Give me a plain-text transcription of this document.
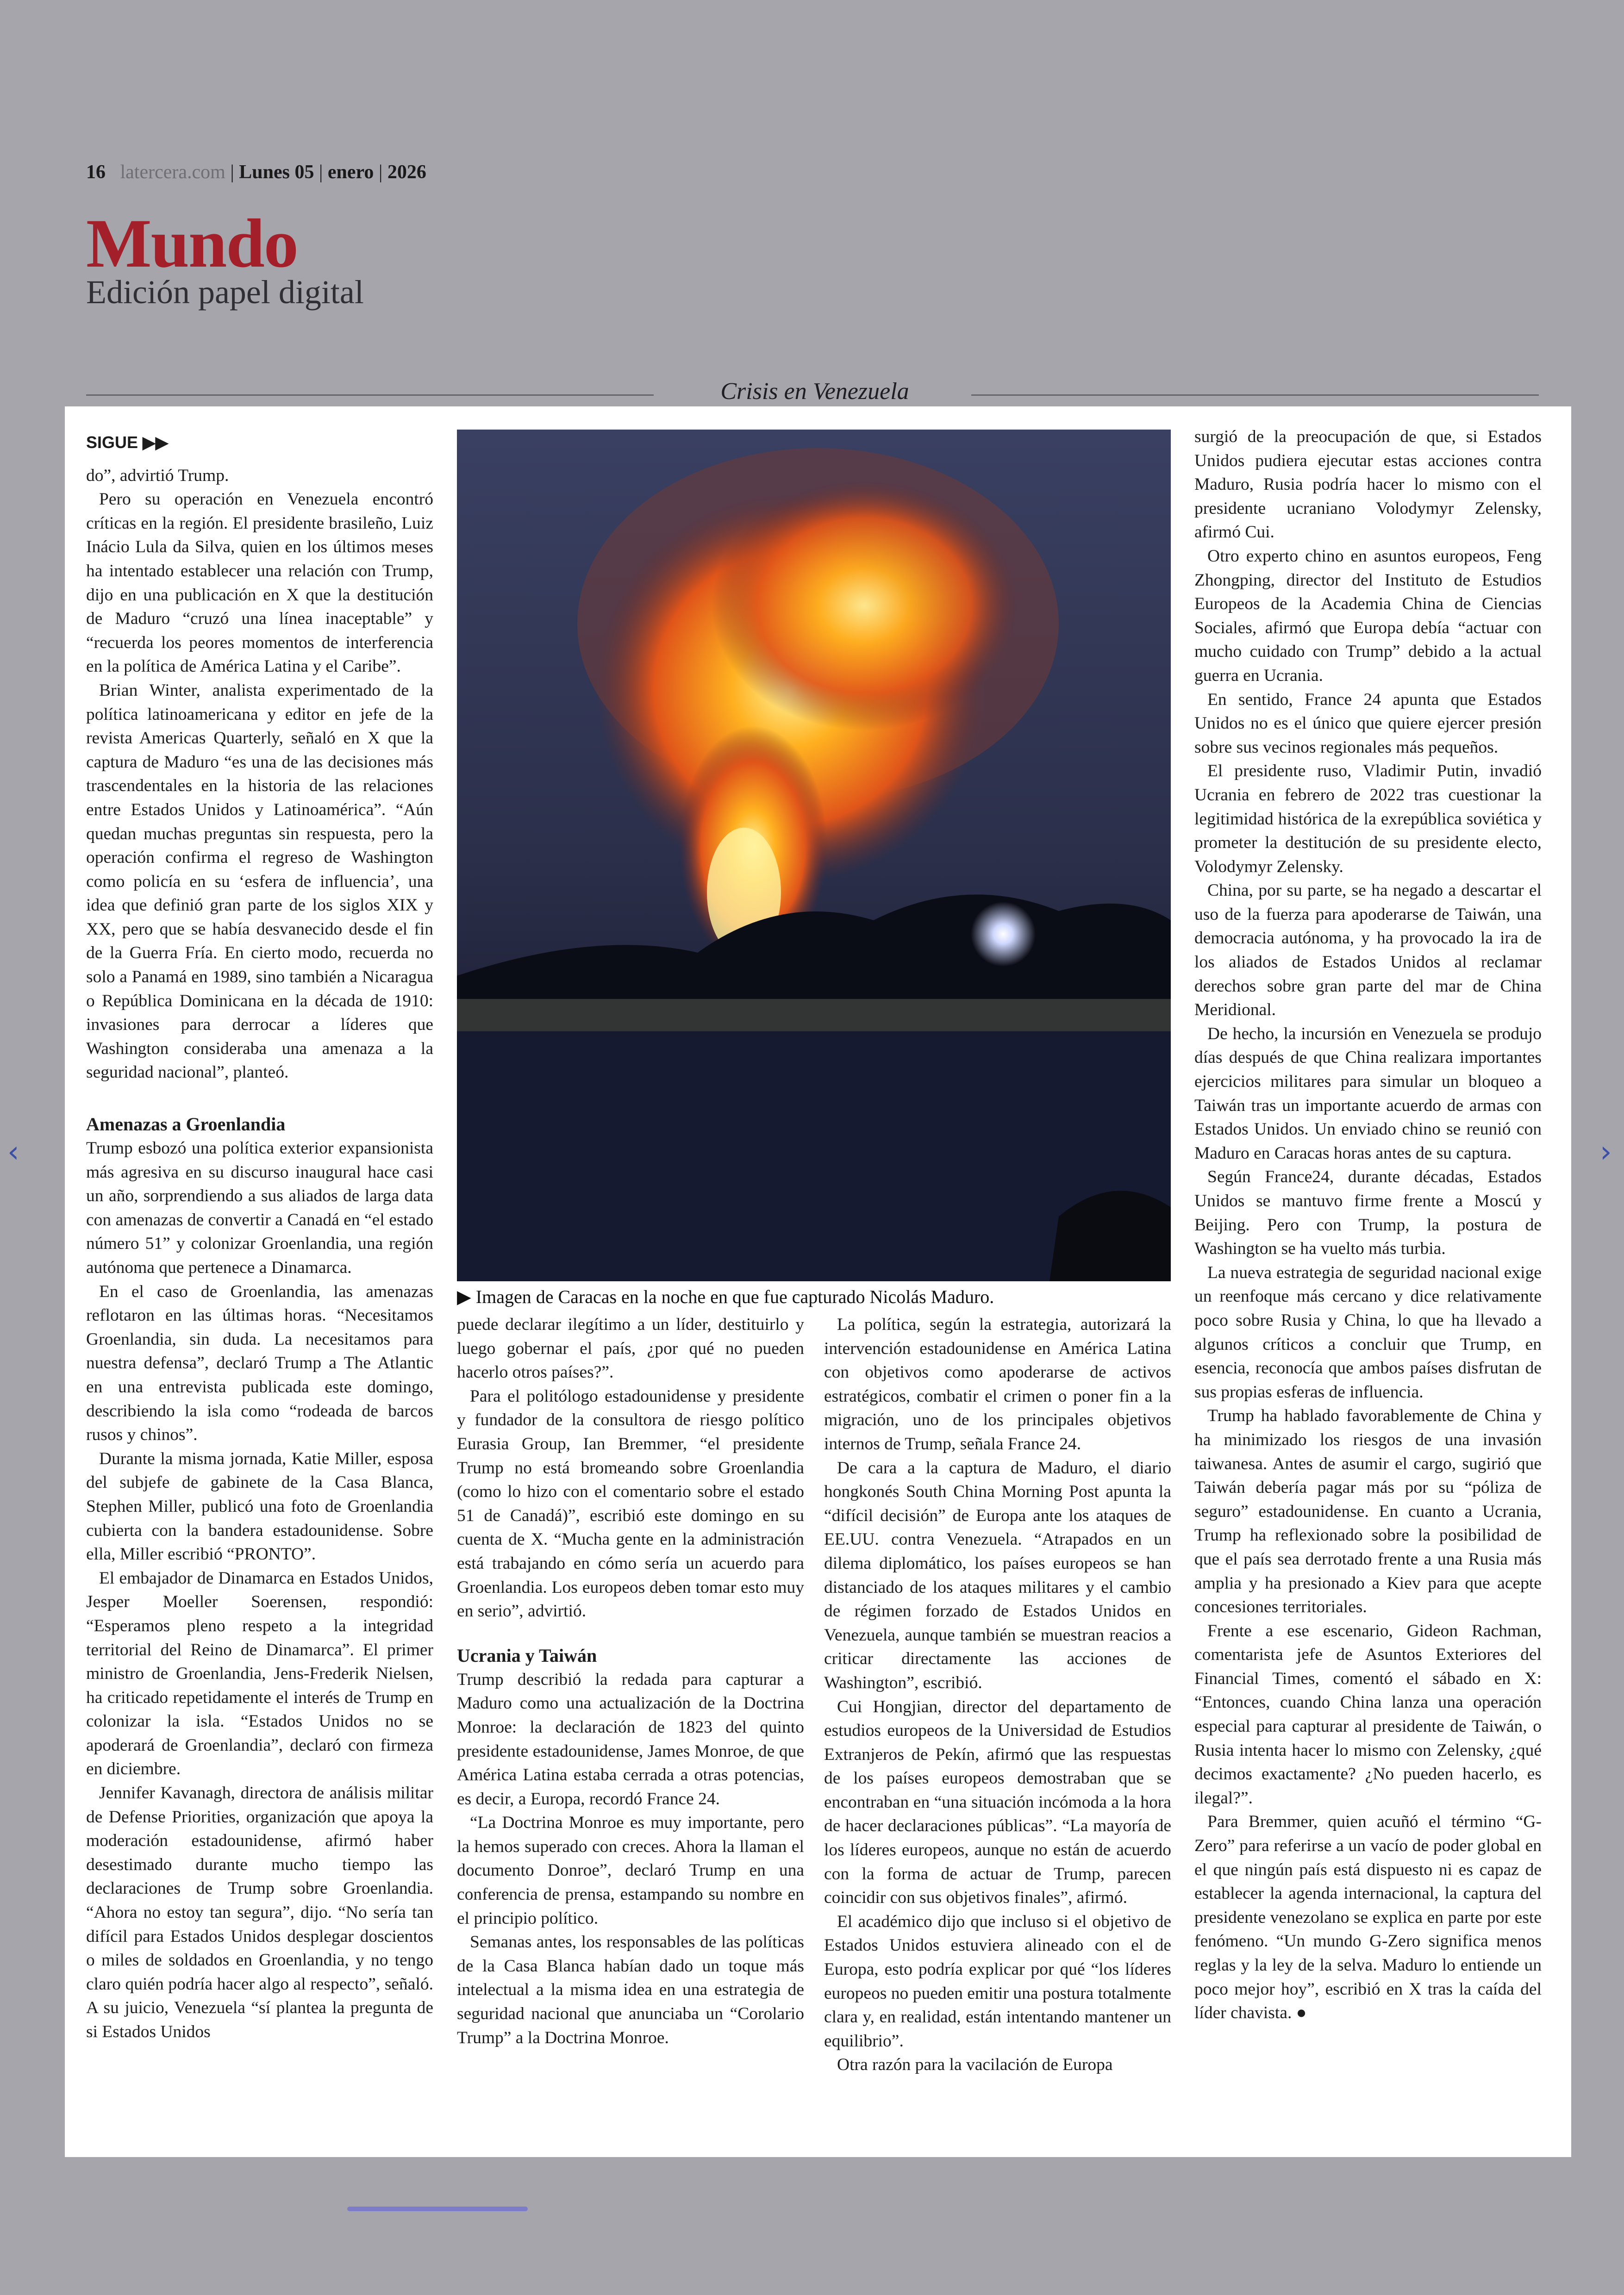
16 latercera.com | Lunes 05 | enero | 2026
Mundo
Edición papel digital
Crisis en Venezuela
SIGUE ▶▶

do”, advirtió Trump.

Pero su operación en Venezuela encontró críticas en la región. El presidente brasileño, Luiz Inácio Lula da Silva, quien en los últimos meses ha intentado establecer una relación con Trump, dijo en una publicación en X que la destitución de Maduro “cruzó una línea inaceptable” y “recuerda los peores momentos de interferencia en la política de América Latina y el Caribe”.

Brian Winter, analista experimentado de la política latinoamericana y editor en jefe de la revista Americas Quarterly, señaló en X que la captura de Maduro “es una de las decisiones más trascendentales en la historia de las relaciones entre Estados Unidos y Latinoamérica”. “Aún quedan muchas preguntas sin respuesta, pero la operación confirma el regreso de Washington como policía en su ‘esfera de influencia’, una idea que definió gran parte de los siglos XIX y XX, pero que se había desvanecido desde el fin de la Guerra Fría. En cierto modo, recuerda no solo a Panamá en 1989, sino también a Nicaragua o República Dominicana en la década de 1910: invasiones para derrocar a líderes que Washington consideraba una amenaza a la seguridad nacional”, planteó.

Amenazas a Groenlandia

Trump esbozó una política exterior expansionista más agresiva en su discurso inaugural hace casi un año, sorprendiendo a sus aliados de larga data con amenazas de convertir a Canadá en “el estado número 51” y colonizar Groenlandia, una región autónoma que pertenece a Dinamarca.

En el caso de Groenlandia, las amenazas reflotaron en las últimas horas. “Necesitamos Groenlandia, sin duda. La necesitamos para nuestra defensa”, declaró Trump a The Atlantic en una entrevista publicada este domingo, describiendo la isla como “rodeada de barcos rusos y chinos”.

Durante la misma jornada, Katie Miller, esposa del subjefe de gabinete de la Casa Blanca, Stephen Miller, publicó una foto de Groenlandia cubierta con la bandera estadounidense. Sobre ella, Miller escribió “PRONTO”.

El embajador de Dinamarca en Estados Unidos, Jesper Moeller Soerensen, respondió: “Esperamos pleno respeto a la integridad territorial del Reino de Dinamarca”. El primer ministro de Groenlandia, Jens-Frederik Nielsen, ha criticado repetidamente el interés de Trump en colonizar la isla. “Estados Unidos no se apoderará de Groenlandia”, declaró con firmeza en diciembre.

Jennifer Kavanagh, directora de análisis militar de Defense Priorities, organización que apoya la moderación estadounidense, afirmó haber desestimado durante mucho tiempo las declaraciones de Trump sobre Groenlandia. “Ahora no estoy tan segura”, dijo. “No sería tan difícil para Estados Unidos desplegar doscientos o miles de soldados en Groenlandia, y no tengo claro quién podría hacer algo al respecto”, señaló. A su juicio, Venezuela “sí plantea la pregunta de si Estados Unidos

▶ Imagen de Caracas en la noche en que fue capturado Nicolás Maduro.

puede declarar ilegítimo a un líder, destituirlo y luego gobernar el país, ¿por qué no pueden hacerlo otros países?”.

Para el politólogo estadounidense y presidente y fundador de la consultora de riesgo político Eurasia Group, Ian Bremmer, “el presidente Trump no está bromeando sobre Groenlandia (como lo hizo con el comentario sobre el estado 51 de Canadá)”, escribió este domingo en su cuenta de X. “Mucha gente en la administración está trabajando en cómo sería un acuerdo para Groenlandia. Los europeos deben tomar esto muy en serio”, advirtió.

Ucrania y Taiwán

Trump describió la redada para capturar a Maduro como una actualización de la Doctrina Monroe: la declaración de 1823 del quinto presidente estadounidense, James Monroe, de que América Latina estaba cerrada a otras potencias, es decir, a Europa, recordó France 24.

“La Doctrina Monroe es muy importante, pero la hemos superado con creces. Ahora la llaman el documento Donroe”, declaró Trump en una conferencia de prensa, estampando su nombre en el principio político.

Semanas antes, los responsables de las políticas de la Casa Blanca habían dado un toque más intelectual a la misma idea en una estrategia de seguridad nacional que anunciaba un “Corolario Trump” a la Doctrina Monroe.

La política, según la estrategia, autorizará la intervención estadounidense en América Latina con objetivos como apoderarse de activos estratégicos, combatir el crimen o poner fin a la migración, uno de los principales objetivos internos de Trump, señala France 24.

De cara a la captura de Maduro, el diario hongkonés South China Morning Post apunta la “difícil decisión” de Europa ante los ataques de EE.UU. contra Venezuela. “Atrapados en un dilema diplomático, los países europeos se han distanciado de los ataques militares y el cambio de régimen forzado de Estados Unidos en Venezuela, aunque también se muestran reacios a criticar directamente las acciones de Washington”, escribió.

Cui Hongjian, director del departamento de estudios europeos de la Universidad de Estudios Extranjeros de Pekín, afirmó que las respuestas de los países europeos demostraban que se encontraban en “una situación incómoda a la hora de hacer declaraciones públicas”. “La mayoría de los líderes europeos, aunque no están de acuerdo con la forma de actuar de Trump, parecen coincidir con sus objetivos finales”, afirmó.

El académico dijo que incluso si el objetivo de Estados Unidos estuviera alineado con el de Europa, esto podría explicar por qué “los líderes europeos no pueden emitir una postura totalmente clara y, en realidad, están intentando mantener un equilibrio”.

Otra razón para la vacilación de Europa

surgió de la preocupación de que, si Estados Unidos pudiera ejecutar estas acciones contra Maduro, Rusia podría hacer lo mismo con el presidente ucraniano Volodymyr Zelensky, afirmó Cui.

Otro experto chino en asuntos europeos, Feng Zhongping, director del Instituto de Estudios Europeos de la Academia China de Ciencias Sociales, afirmó que Europa debía “actuar con mucho cuidado con Trump” debido a la actual guerra en Ucrania.

En sentido, France 24 apunta que Estados Unidos no es el único que quiere ejercer presión sobre sus vecinos regionales más pequeños.

El presidente ruso, Vladimir Putin, invadió Ucrania en febrero de 2022 tras cuestionar la legitimidad histórica de la exrepública soviética y prometer la destitución de su presidente electo, Volodymyr Zelensky.

China, por su parte, se ha negado a descartar el uso de la fuerza para apoderarse de Taiwán, una democracia autónoma, y ha provocado la ira de los aliados de Estados Unidos al reclamar derechos sobre gran parte del mar de China Meridional.

De hecho, la incursión en Venezuela se produjo días después de que China realizara importantes ejercicios militares para simular un bloqueo a Taiwán tras un importante acuerdo de armas con Estados Unidos. Un enviado chino se reunió con Maduro en Caracas horas antes de su captura.

Según France24, durante décadas, Estados Unidos se mantuvo firme frente a Moscú y Beijing. Pero con Trump, la postura de Washington se ha vuelto más turbia.

La nueva estrategia de seguridad nacional exige un reenfoque más cercano y dice relativamente poco sobre Rusia y China, lo que ha llevado a algunos críticos a concluir que Trump, en esencia, reconocía que ambos países disfrutan de sus propias esferas de influencia.

Trump ha hablado favorablemente de China y ha minimizado los riesgos de una invasión taiwanesa. Antes de asumir el cargo, sugirió que Taiwán debería pagar más por su “póliza de seguro” estadounidense. En cuanto a Ucrania, Trump ha reflexionado sobre la posibilidad de que el país sea derrotado frente a una Rusia más amplia y ha presionado a Kiev para que acepte concesiones territoriales.

Frente a ese escenario, Gideon Rachman, comentarista jefe de Asuntos Exteriores del Financial Times, comentó el sábado en X: “Entonces, cuando China lanza una operación especial para capturar al presidente de Taiwán, o Rusia intenta hacer lo mismo con Zelensky, ¿qué decimos exactamente? ¿No pueden hacerlo, es ilegal?”.

Para Bremmer, quien acuñó el término “G-Zero” para referirse a un vacío de poder global en el que ningún país está dispuesto ni es capaz de establecer la agenda internacional, la captura del presidente venezolano se explica en parte por este fenómeno. “Un mundo G-Zero significa menos reglas y la ley de la selva. Maduro lo entiende un poco mejor hoy”, escribió en X tras la caída del líder chavista. ●

‹	›
